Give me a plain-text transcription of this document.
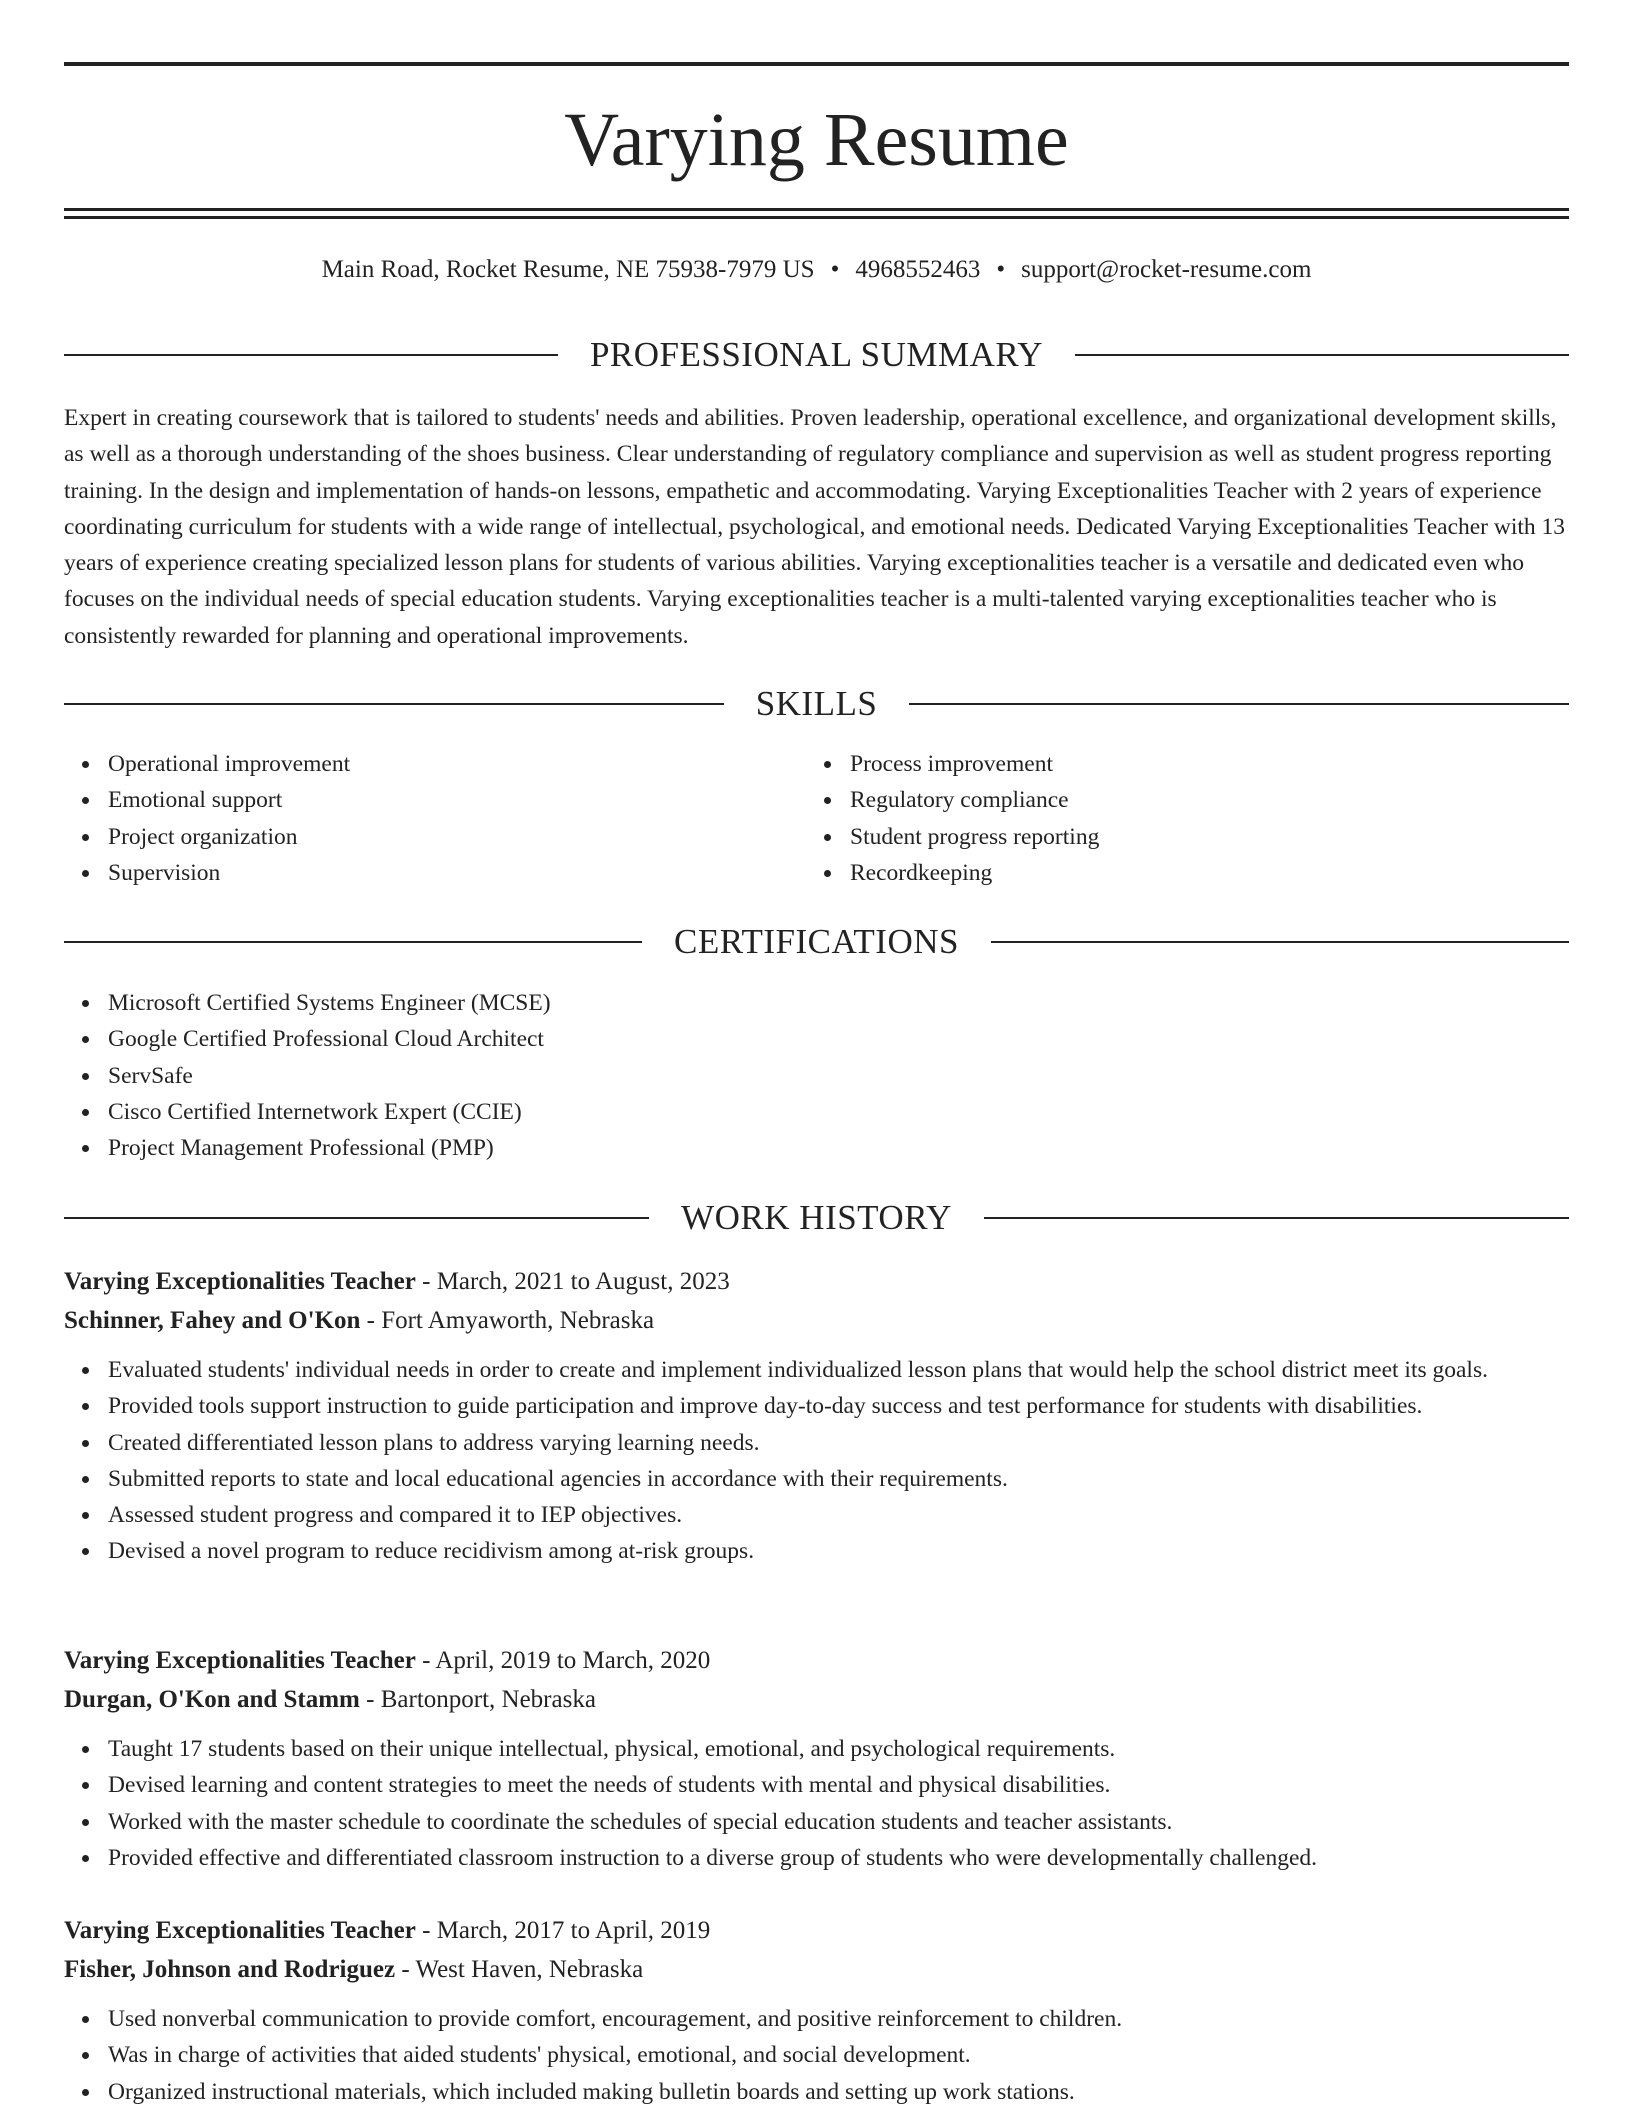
Varying Resume
Main Road, Rocket Resume, NE 75938-7979 US • 4968552463 • support@rocket-resume.com
PROFESSIONAL SUMMARY

Expert in creating coursework that is tailored to students' needs and abilities. Proven leadership, operational excellence, and organizational development skills, as well as a thorough understanding of the shoes business. Clear understanding of regulatory compliance and supervision as well as student progress reporting training. In the design and implementation of hands-on lessons, empathetic and accommodating. Varying Exceptionalities Teacher with 2 years of experience coordinating curriculum for students with a wide range of intellectual, psychological, and emotional needs. Dedicated Varying Exceptionalities Teacher with 13 years of experience creating specialized lesson plans for students of various abilities. Varying exceptionalities teacher is a versatile and dedicated even who focuses on the individual needs of special education students. Varying exceptionalities teacher is a multi-talented varying exceptionalities teacher who is consistently rewarded for planning and operational improvements.

SKILLS
Operational improvement
Emotional support
Project organization
Supervision
Process improvement
Regulatory compliance
Student progress reporting
Recordkeeping
CERTIFICATIONS
Microsoft Certified Systems Engineer (MCSE)
Google Certified Professional Cloud Architect
ServSafe
Cisco Certified Internetwork Expert (CCIE)
Project Management Professional (PMP)
WORK HISTORY
Varying Exceptionalities Teacher - March, 2021 to August, 2023
Schinner, Fahey and O'Kon - Fort Amyaworth, Nebraska
Evaluated students' individual needs in order to create and implement individualized lesson plans that would help the school district meet its goals.
Provided tools support instruction to guide participation and improve day-to-day success and test performance for students with disabilities.
Created differentiated lesson plans to address varying learning needs.
Submitted reports to state and local educational agencies in accordance with their requirements.
Assessed student progress and compared it to IEP objectives.
Devised a novel program to reduce recidivism among at-risk groups.
Varying Exceptionalities Teacher - April, 2019 to March, 2020
Durgan, O'Kon and Stamm - Bartonport, Nebraska
Taught 17 students based on their unique intellectual, physical, emotional, and psychological requirements.
Devised learning and content strategies to meet the needs of students with mental and physical disabilities.
Worked with the master schedule to coordinate the schedules of special education students and teacher assistants.
Provided effective and differentiated classroom instruction to a diverse group of students who were developmentally challenged.
Varying Exceptionalities Teacher - March, 2017 to April, 2019
Fisher, Johnson and Rodriguez - West Haven, Nebraska
Used nonverbal communication to provide comfort, encouragement, and positive reinforcement to children.
Was in charge of activities that aided students' physical, emotional, and social development.
Organized instructional materials, which included making bulletin boards and setting up work stations.
